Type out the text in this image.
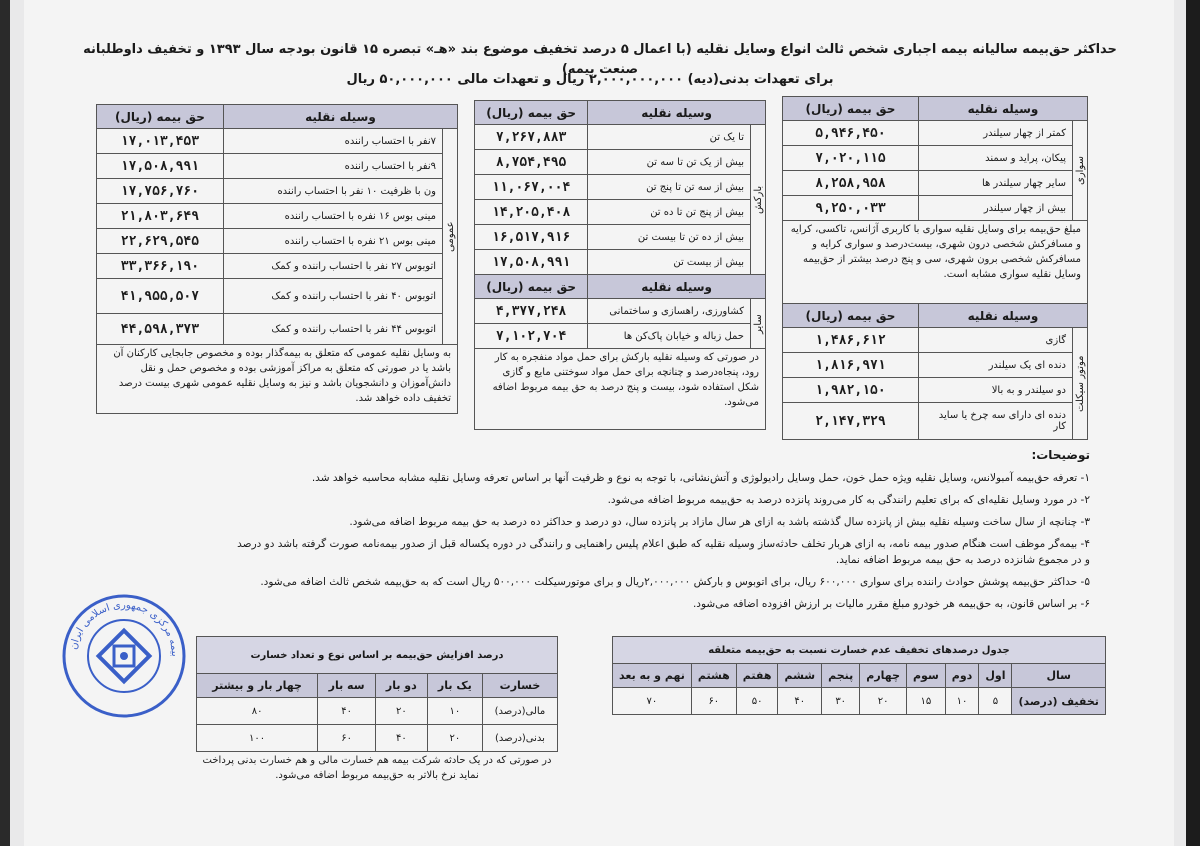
حداکثر حق‌بیمه سالیانه بیمه اجباری شخص ثالث انواع وسایل نقلیه (با اعمال ۵ درصد تخفیف موضوع بند «هـ» تبصره ۱۵ قانون بودجه سال ۱۳۹۳ و تخفیف داوطلبانه صنعت بیمه)
برای تعهدات بدنی(دیه) ۲,۰۰۰,۰۰۰,۰۰۰ ریال و تعهدات مالی ۵۰,۰۰۰,۰۰۰ ریال
وسیله نقلیه		حق بیمه (ریال)
سواری	کمتر از چهار سیلندر	۵,۹۴۶,۴۵۰
	پیکان، پراید و سمند	۷,۰۲۰,۱۱۵
	سایر چهار سیلندر ها	۸,۲۵۸,۹۵۸
	بیش از چهار سیلندر	۹,۲۵۰,۰۳۳
مبلغ حق‌بیمه برای وسایل نقلیه سواری با کاربری آژانس، تاکسی، کرایه و مسافرکش شخصی درون شهری، بیست‌درصد و سواری کرایه و مسافرکش شخصی برون شهری، سی و پنج درصد بیشتر از حق‌بیمه وسایل نقلیه سواری مشابه است.		
وسیله نقلیه		حق بیمه (ریال)
موتور سیکلت	گازی	۱,۴۸۶,۶۱۲
	دنده ای یک سیلندر	۱,۸۱۶,۹۷۱
	دو سیلندر و به بالا	۱,۹۸۲,۱۵۰
	دنده ای دارای سه چرخ یا ساید کار	۲,۱۴۷,۳۲۹
وسیله نقلیه		حق بیمه (ریال)
بارکش	تا یک تن	۷,۲۶۷,۸۸۳
	بیش از یک تن تا سه تن	۸,۷۵۴,۴۹۵
	بیش از سه تن تا پنج تن	۱۱,۰۶۷,۰۰۴
	بیش از پنج تن تا ده تن	۱۴,۲۰۵,۴۰۸
	بیش از ده تن تا بیست تن	۱۶,۵۱۷,۹۱۶
	بیش از بیست تن	۱۷,۵۰۸,۹۹۱
وسیله نقلیه		حق بیمه (ریال)
سایر	کشاورزی، راهسازی و ساختمانی	۴,۳۷۷,۲۴۸
	حمل زباله و خیابان پاک‌کن ها	۷,۱۰۲,۷۰۴
در صورتی که وسیله نقلیه بارکش برای حمل مواد منفجره به کار رود، پنجاه‌درصد و چنانچه برای حمل مواد سوختنی مایع و گازی شکل استفاده شود، بیست و پنج درصد به حق بیمه مربوط اضافه می‌شود.		
وسیله نقلیه		حق بیمه (ریال)
عمومی	۷نفر با احتساب راننده	۱۷,۰۱۳,۴۵۳
	۹نفر با احتساب راننده	۱۷,۵۰۸,۹۹۱
	ون با ظرفیت ۱۰ نفر با احتساب راننده	۱۷,۷۵۶,۷۶۰
	مینی بوس ۱۶ نفره با احتساب راننده	۲۱,۸۰۳,۶۴۹
	مینی بوس ۲۱ نفره با احتساب راننده	۲۲,۶۲۹,۵۴۵
	اتوبوس ۲۷ نفر با احتساب راننده و کمک	۳۳,۳۶۶,۱۹۰
	اتوبوس ۴۰ نفر با احتساب راننده و کمک	۴۱,۹۵۵,۵۰۷
	اتوبوس ۴۴ نفر با احتساب راننده و کمک	۴۴,۵۹۸,۳۷۳
به وسایل نقلیه عمومی که متعلق به بیمه‌گذار بوده و مخصوص جابجایی کارکنان آن باشد یا در صورتی که متعلق به مراکز آموزشی بوده و مخصوص حمل و نقل دانش‌آموزان و دانشجویان باشد و نیز به وسایل نقلیه عمومی شهری بیست درصد تخفیف داده خواهد شد.		
توضیحات:
۱- تعرفه حق‌بیمه آمبولانس، وسایل نقلیه ویژه حمل خون، حمل وسایل رادیولوژی و آتش‌نشانی، با توجه به نوع و ظرفیت آنها بر اساس تعرفه وسایل نقلیه مشابه محاسبه خواهد شد.
۲- در مورد وسایل نقلیه‌ای که برای تعلیم رانندگی به کار می‌روند پانزده درصد به حق‌بیمه مربوط اضافه می‌شود.
۳- چنانچه از سال ساخت وسیله نقلیه بیش از پانزده سال گذشته باشد به ازای هر سال مازاد بر پانزده سال، دو درصد و حداکثر ده درصد به حق بیمه مربوط اضافه می‌شود.
۴- بیمه‌گر موظف است هنگام صدور بیمه نامه، به ازای هربار تخلف حادثه‌ساز وسیله نقلیه که طبق اعلام پلیس راهنمایی و رانندگی در دوره یکساله قبل از صدور بیمه‌نامه صورت گرفته باشد دو درصد و در مجموع شانزده درصد به حق بیمه مربوط اضافه نماید.
۵- حداکثر حق‌بیمه پوشش حوادث راننده برای سواری ۶۰۰,۰۰۰ ریال، برای اتوبوس و بارکش ۲,۰۰۰,۰۰۰ریال و برای موتورسیکلت ۵۰۰,۰۰۰ ریال است که به حق‌بیمه شخص ثالث اضافه می‌شود.
۶- بر اساس قانون، به حق‌بیمه هر خودرو مبلغ مقرر مالیات بر ارزش افزوده اضافه می‌شود.
جدول درصدهای تخفیف عدم خسارت نسبت به حق‌بیمه متعلقه									
سال	اول	دوم	سوم	چهارم	پنجم	ششم	هفتم	هشتم	نهم و به بعد
تخفیف (درصد)	۵	۱۰	۱۵	۲۰	۳۰	۴۰	۵۰	۶۰	۷۰
درصد افزایش حق‌بیمه بر اساس نوع و تعداد خسارت				
خسارت	یک بار	دو بار	سه بار	چهار بار و بیشتر
مالی(درصد)	۱۰	۲۰	۴۰	۸۰
بدنی(درصد)	۲۰	۴۰	۶۰	۱۰۰
در صورتی که در یک حادثه شرکت بیمه هم خسارت مالی و هم خسارت بدنی پرداخت نماید نرخ بالاتر به حق‌بیمه مربوط اضافه می‌شود.				
بیمه مرکزی جمهوری اسلامی ایران
